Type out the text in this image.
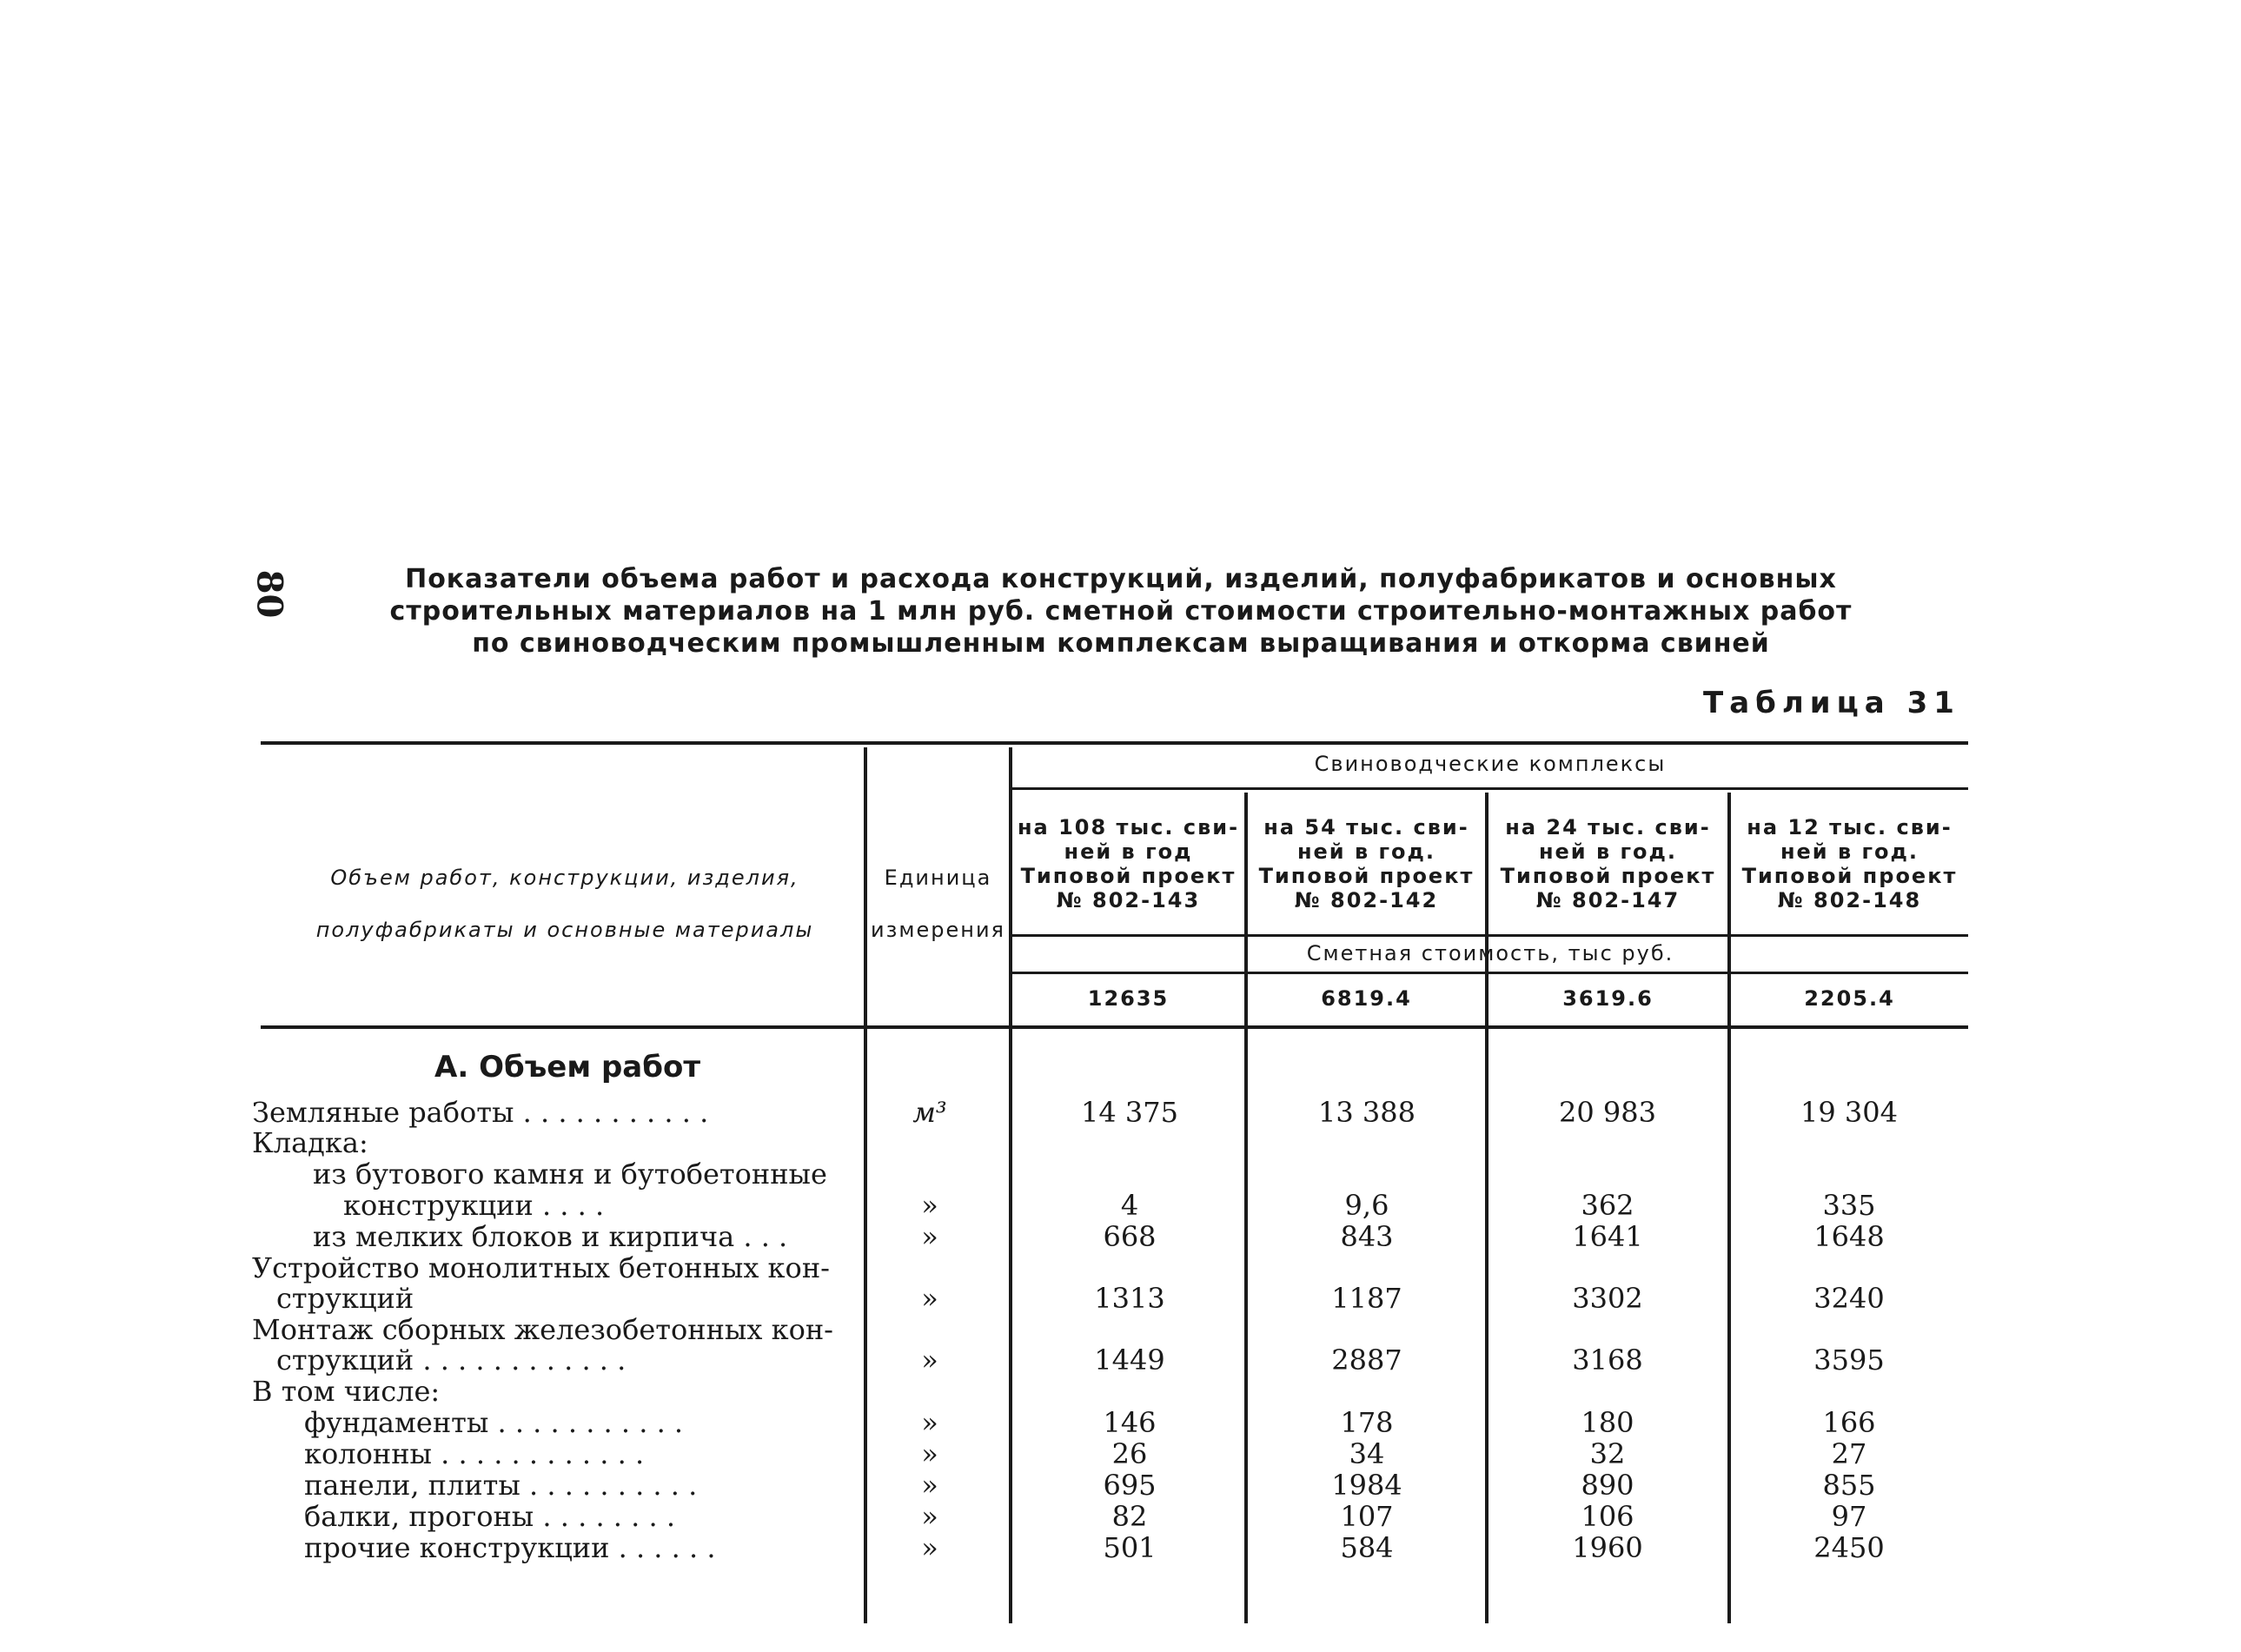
80	Показатели объема работ и расхода конструкций, изделий, полуфабрикатов и основных
строительных материалов на 1 млн руб. сметной стоимости строительно-монтажных работ
по свиноводческим промышленным комплексам выращивания и откорма свиней
Таблица 31
Объем работ, конструкции, изделия,
полуфабрикаты и основные материалы
Единица
измерения
Свиноводческие комплексы
на 108 тыс. сви-
ней в год
Типовой проект
№ 802-143
на 54 тыс. сви-
ней в год.
Типовой проект
№ 802-142
на 24 тыс. сви-
ней в год.
Типовой проект
№ 802-147
на 12 тыс. сви-
ней в год.
Типовой проект
№ 802-148
Сметная стоимость, тыс руб.
12635	6819.4	3619.6	2205.4
А. Объем работ
Земляные работы . . . . . . . . . . .	м³	14 375	13 388	20 983	19 304
Кладка:
из бутового камня и бутобетонные
конструкции . . . .	»	4	9,6	362	335
из мелких блоков и кирпича . . .	»	668	843	1641	1648
Устройство монолитных бетонных кон-
струкций	»	1313	1187	3302	3240
Монтаж сборных железобетонных кон-
струкций . . . . . . . . . . . .	»	1449	2887	3168	3595
В том числе:
фундаменты . . . . . . . . . . .	»	146	178	180	166
колонны . . . . . . . . . . . .	»	26	34	32	27
панели, плиты . . . . . . . . . .	»	695	1984	890	855
балки, прогоны . . . . . . . .	»	82	107	106	97
прочие конструкции . . . . . .	»	501	584	1960	2450
